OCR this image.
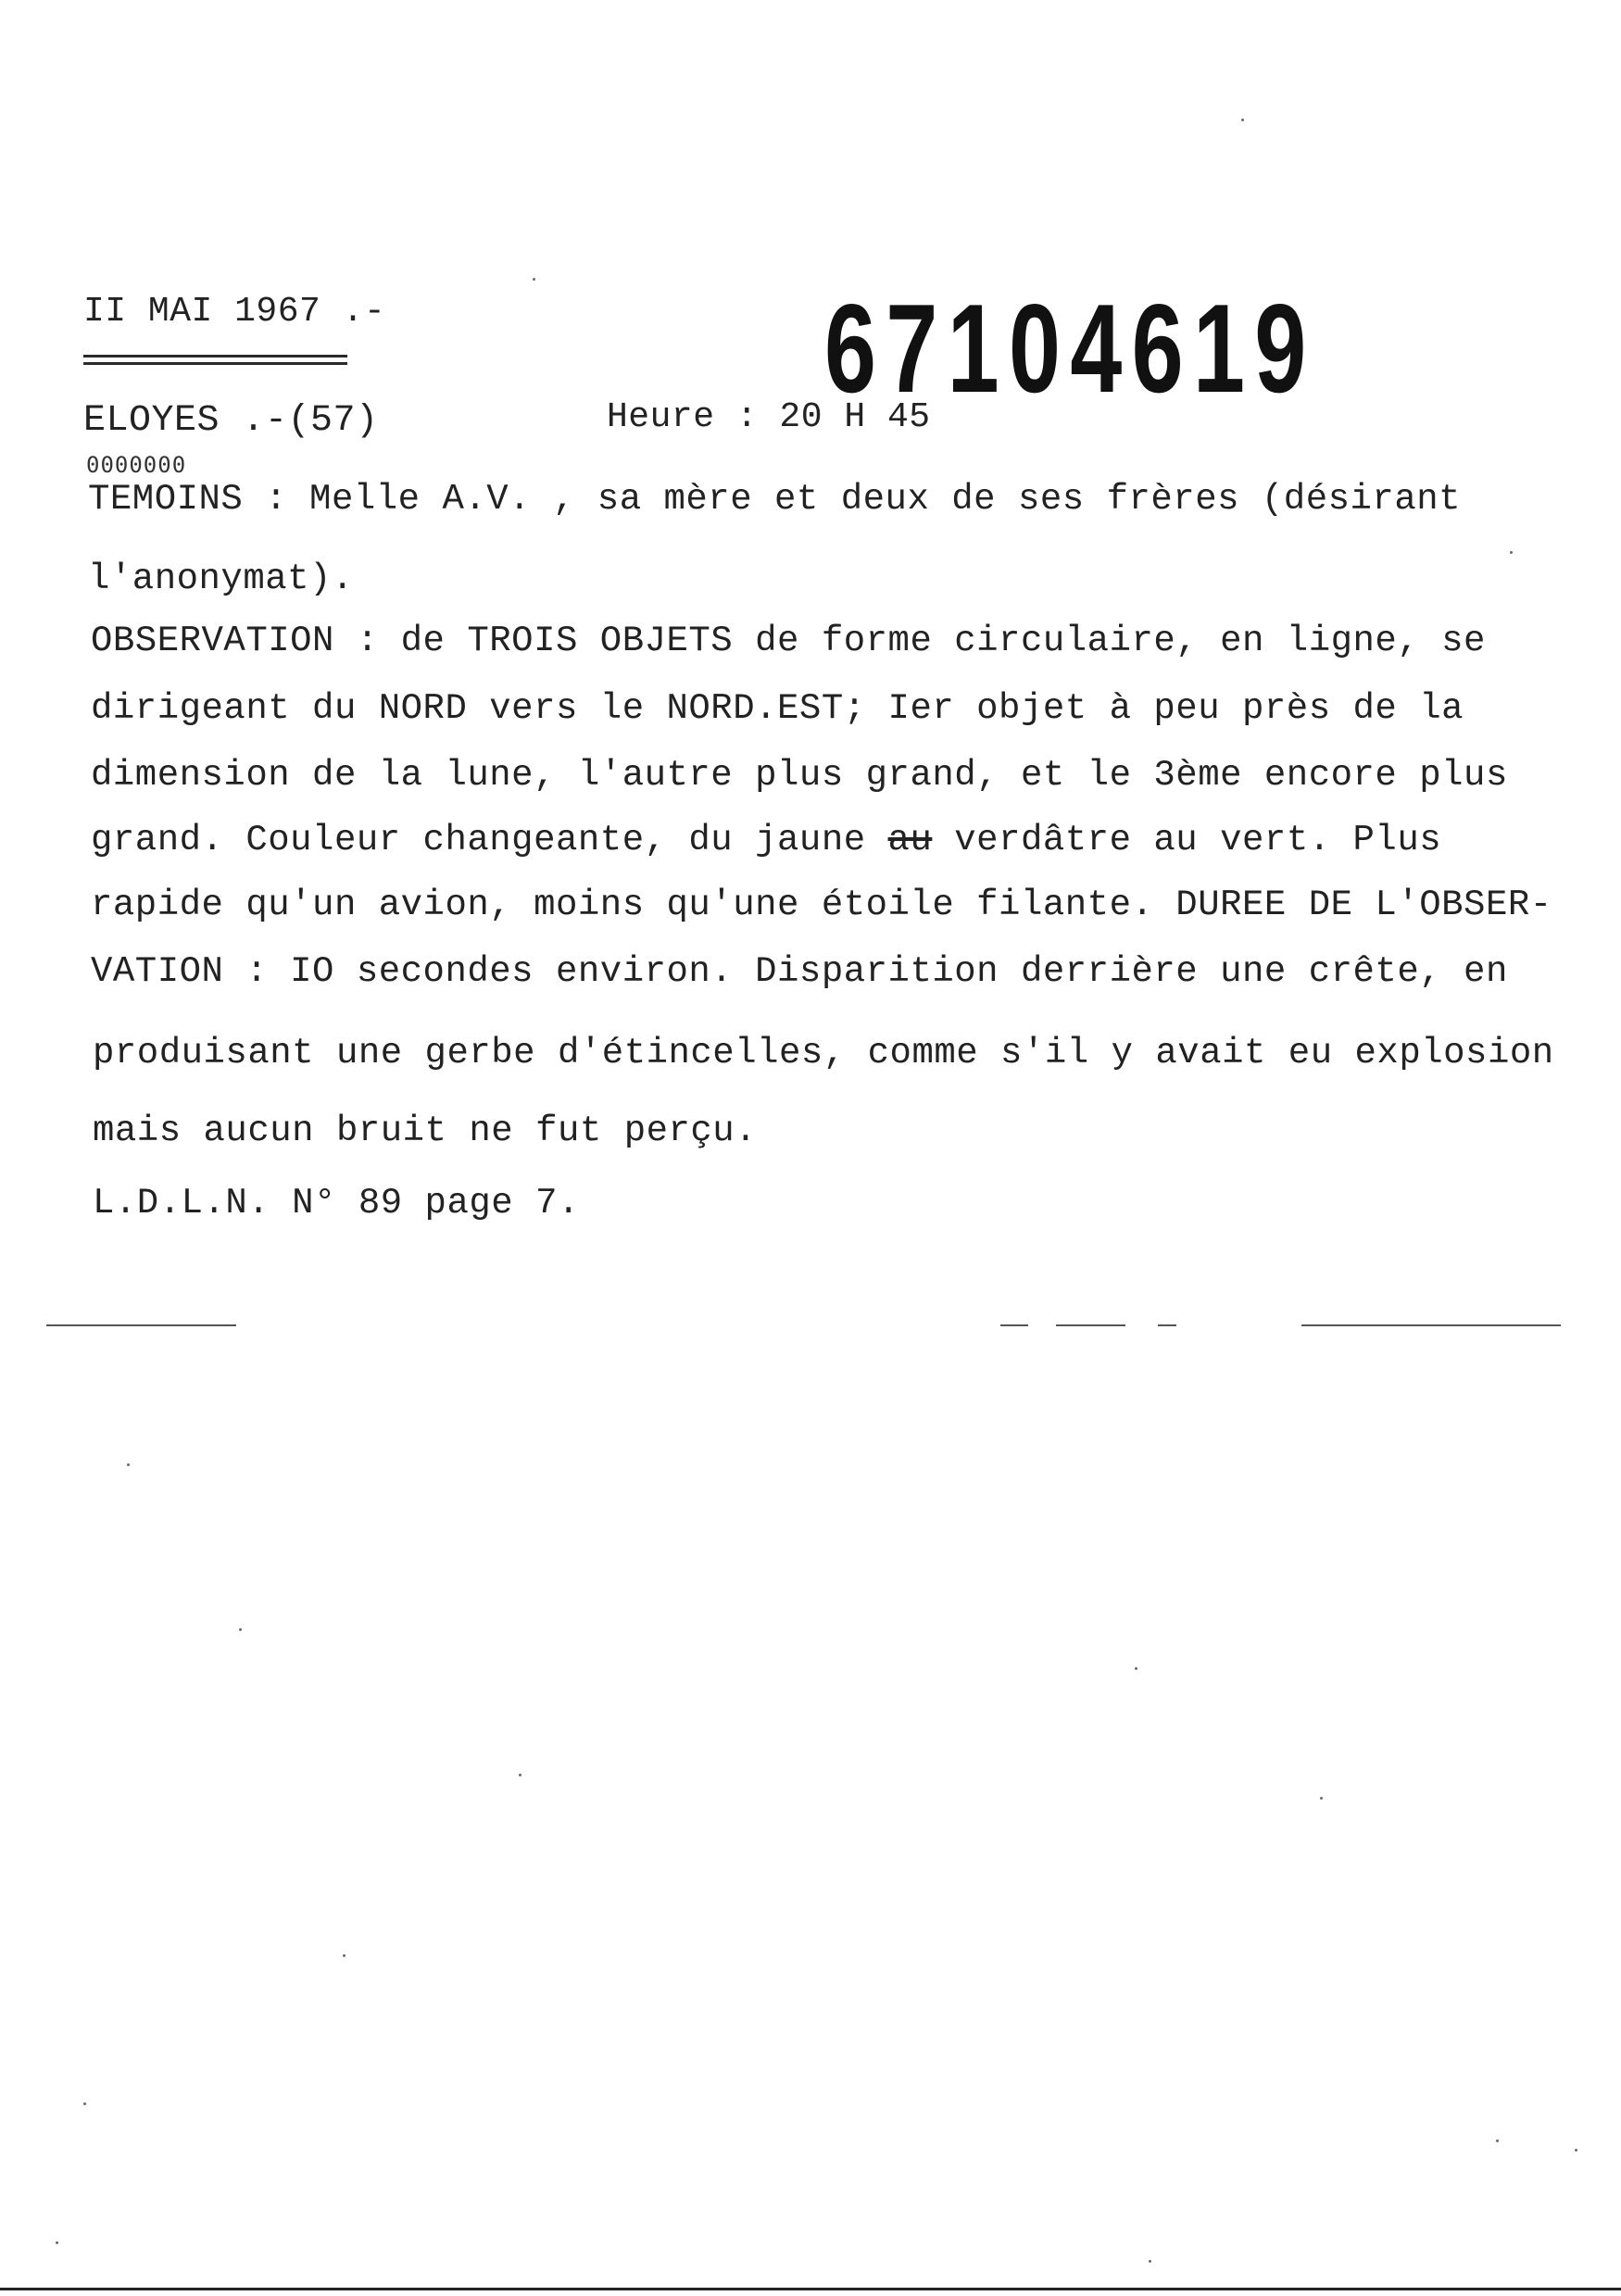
II MAI 1967 .-	67104619
ELOYES .-(57)
0000000
Heure : 20 H 45
TEMOINS : Melle A.V. , sa mère et deux de ses frères (désirant
l'anonymat).
OBSERVATION : de TROIS OBJETS de forme circulaire, en ligne, se
dirigeant du NORD vers le NORD.EST; Ier objet à peu près de la
dimension de la lune, l'autre plus grand, et le 3ème encore plus
grand. Couleur changeante, du jaune au verdâtre au vert. Plus
rapide qu'un avion, moins qu'une étoile filante. DUREE DE L'OBSER-
VATION : IO secondes environ. Disparition derrière une crête, en
produisant une gerbe d'étincelles, comme s'il y avait eu explosion
mais aucun bruit ne fut perçu.
L.D.L.N. N° 89 page 7.
